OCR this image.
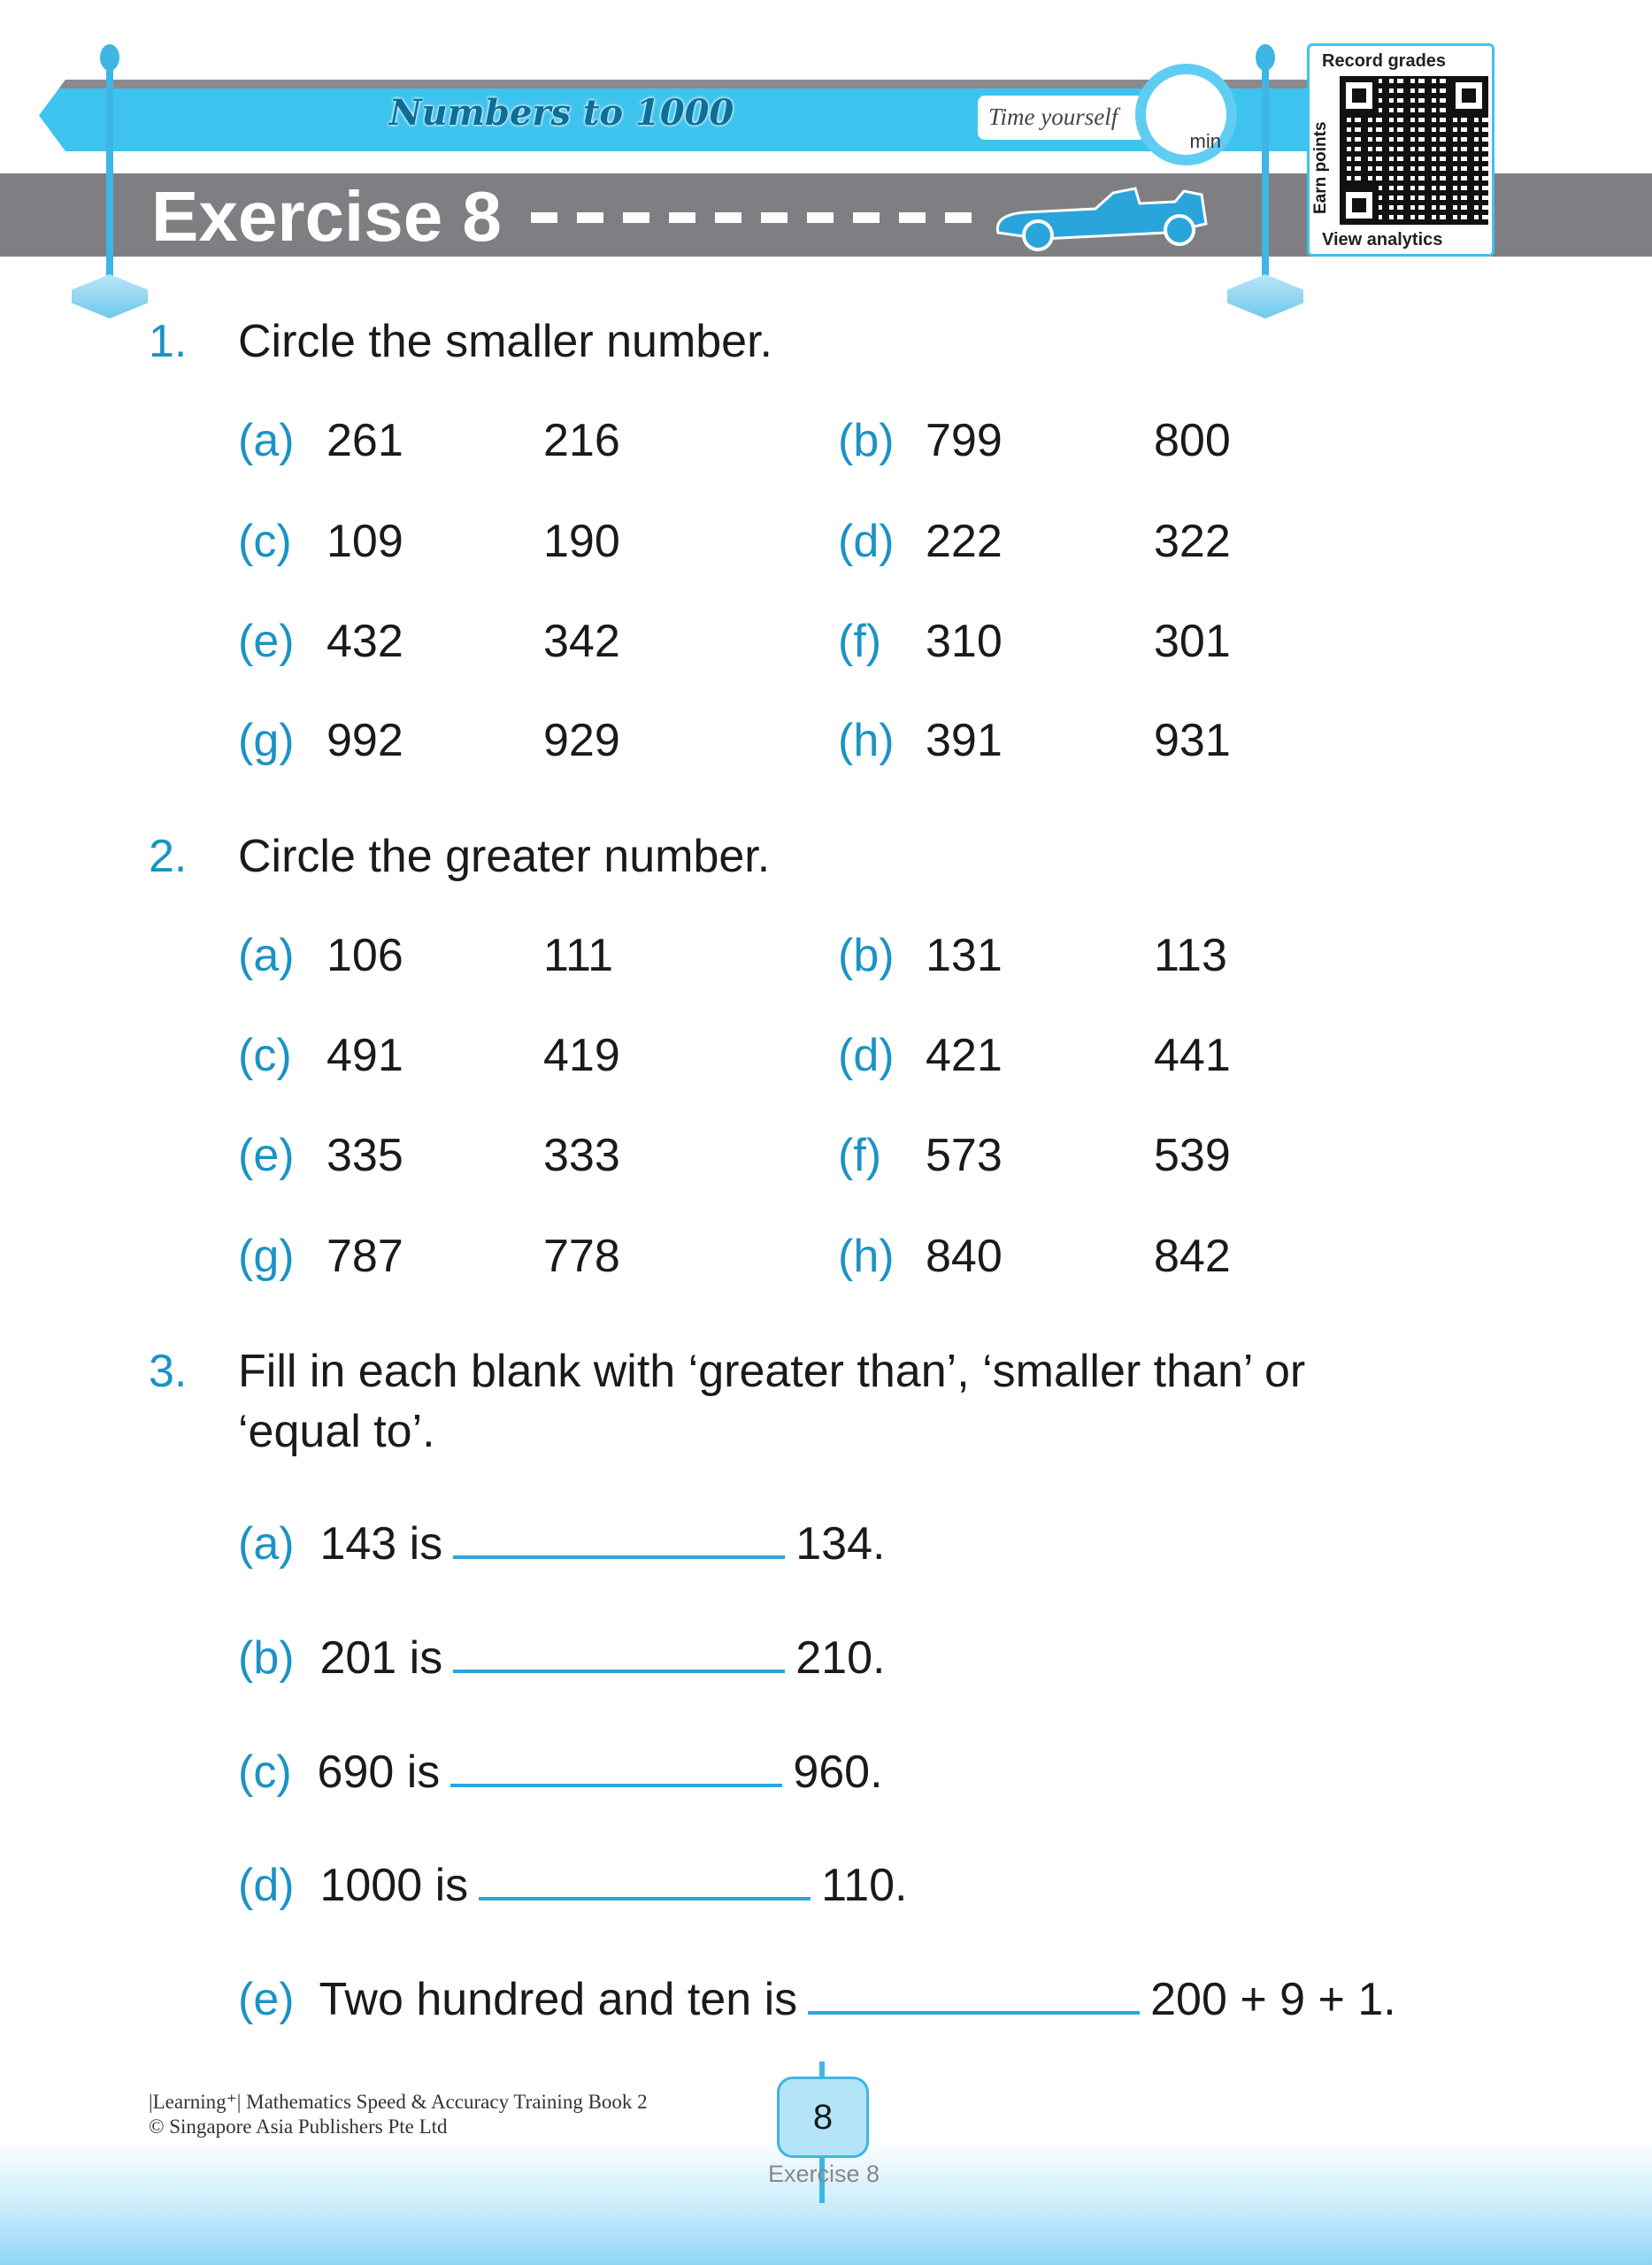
Numbers to 1000	Time yourself
min
Exercise 8
Record grades
Earn points
View analytics
1. Circle the smaller number.
(a) 261	216	(b) 799	800
(c) 109	190	(d) 222	322
(e) 432	342	(f) 310	301
(g) 992	929	(h) 391	931
2. Circle the greater number.
(a) 106	111	(b) 131	113
(c) 491	419	(d) 421	441
(e) 335	333	(f) 573	539
(g) 787	778	(h) 840	842
3. Fill in each blank with ‘greater than’, ‘smaller than’ or
‘equal to’.
(a) 143 is	134.
(b) 201 is	210.
(c) 690 is	960.
(d) 1000 is	110.
(e) Two hundred and ten is	200 + 9 + 1.
|Learning⁺| Mathematics Speed & Accuracy Training Book 2
© Singapore Asia Publishers Pte Ltd	8
Exercise 8
